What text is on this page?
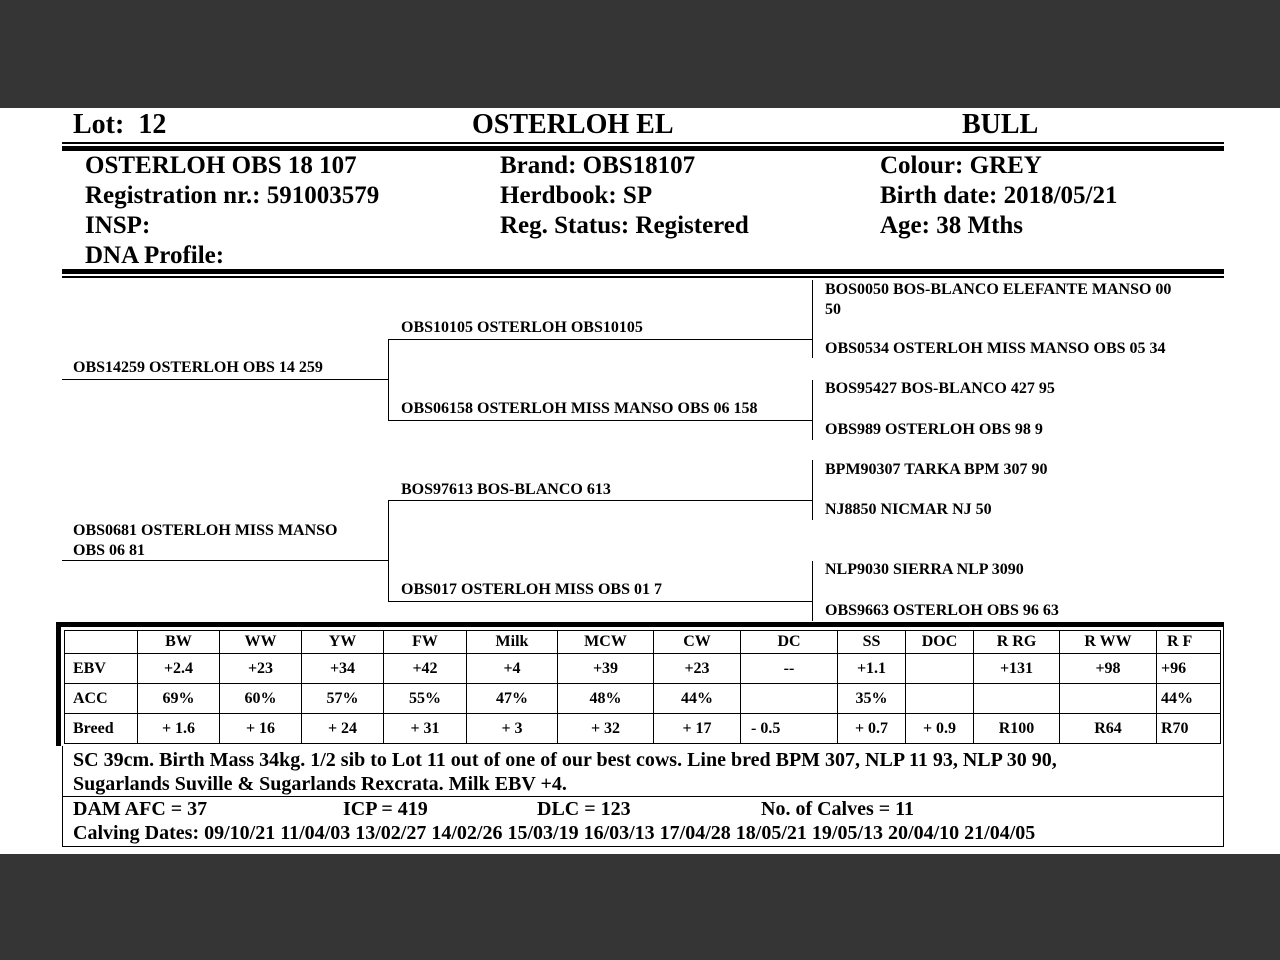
Lot: 12	OSTERLOH EL	BULL
OSTERLOH OBS 18 107
Registration nr.: 591003579
INSP:
DNA Profile:
Brand: OBS18107
Herdbook: SP
Reg. Status: Registered
Colour: GREY
Birth date: 2018/05/21
Age: 38 Mths
OBS14259 OSTERLOH OBS 14 259
OBS0681 OSTERLOH MISS MANSO
OBS 06 81
OBS10105 OSTERLOH OBS10105
OBS06158 OSTERLOH MISS MANSO OBS 06 158
BOS97613 BOS-BLANCO 613
OBS017 OSTERLOH MISS OBS 01 7
BOS0050 BOS-BLANCO ELEFANTE MANSO 00
50
OBS0534 OSTERLOH MISS MANSO OBS 05 34
BOS95427 BOS-BLANCO 427 95
OBS989 OSTERLOH OBS 98 9
BPM90307 TARKA BPM 307 90
NJ8850 NICMAR NJ 50
NLP9030 SIERRA NLP 3090
OBS9663 OSTERLOH OBS 96 63
	BW	WW	YW	FW	Milk	MCW	CW	DC	SS	DOC	R RG	R WW	R F
EBV	+2.4	+23	+34	+42	+4	+39	+23	--	+1.1		+131	+98	+96
ACC	69%	60%	57%	55%	47%	48%	44%		35%				44%
Breed	+ 1.6	+ 16	+ 24	+ 31	+ 3	+ 32	+ 17	- 0.5	+ 0.7	+ 0.9	R100	R64	R70
SC 39cm. Birth Mass 34kg. 1/2 sib to Lot 11 out of one of our best cows. Line bred BPM 307, NLP 11 93, NLP 30 90,
Sugarlands Suville & Sugarlands Rexcrata. Milk EBV +4.
DAM AFC = 37	ICP = 419	DLC = 123	No. of Calves = 11
Calving Dates: 09/10/21 11/04/03 13/02/27 14/02/26 15/03/19 16/03/13 17/04/28 18/05/21 19/05/13 20/04/10 21/04/05
